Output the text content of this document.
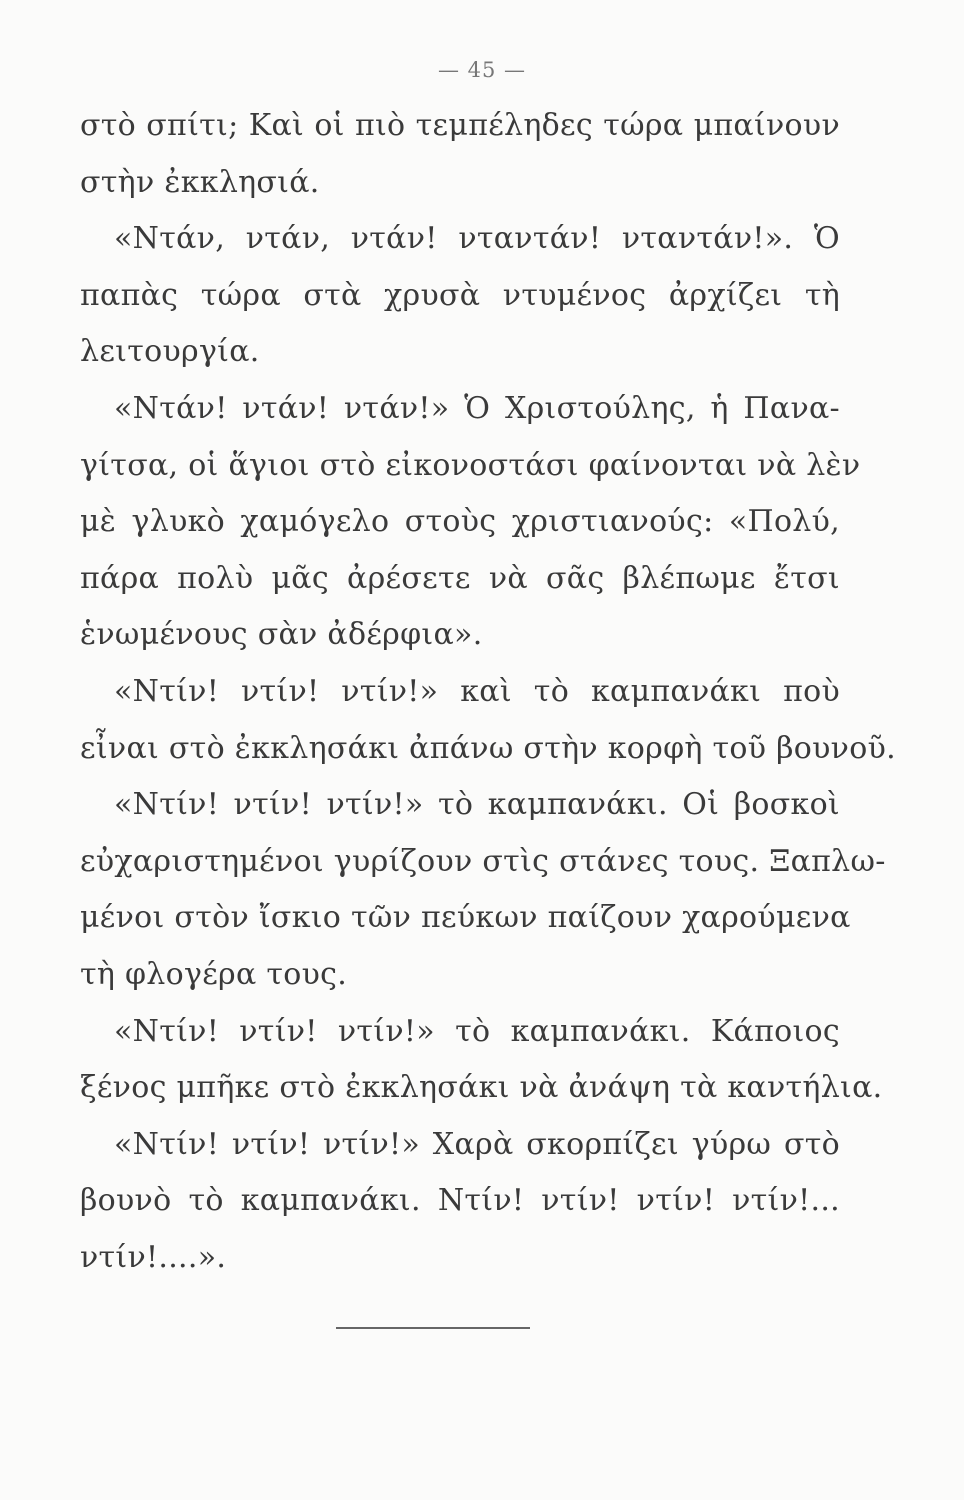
— 45 —
στὸ σπίτι; Καὶ οἱ πιὸ τεμπέληδες τώρα μπαίνουν
στὴν ἐκκλησιά.
«Ντάν, ντάν, ντάν! νταντάν! νταντάν!». Ὁ
παπὰς τώρα στὰ χρυσὰ ντυμένος ἀρχίζει τὴ
λειτουργία.
«Ντάν! ντάν! ντάν!» Ὁ Χριστούλης, ἡ Πανα-
γίτσα, οἱ ἅγιοι στὸ εἰκονοστάσι φαίνονται νὰ λὲν
μὲ γλυκὸ χαμόγελο στοὺς χριστιανούς: «Πολύ,
πάρα πολὺ μᾶς ἀρέσετε νὰ σᾶς βλέπωμε ἔτσι
ἑνωμένους σὰν ἀδέρφια».
«Ντίν! ντίν! ντίν!» καὶ τὸ καμπανάκι ποὺ
εἶναι στὸ ἐκκλησάκι ἀπάνω στὴν κορφὴ τοῦ βουνοῦ.
«Ντίν! ντίν! ντίν!» τὸ καμπανάκι. Οἱ βοσκοὶ
εὐχαριστημένοι γυρίζουν στὶς στάνες τους. Ξαπλω-
μένοι στὸν ἴσκιο τῶν πεύκων παίζουν χαρούμενα
τὴ φλογέρα τους.
«Ντίν! ντίν! ντίν!» τὸ καμπανάκι. Κάποιος
ξένος μπῆκε στὸ ἐκκλησάκι νὰ ἀνάψη τὰ καντήλια.
«Ντίν! ντίν! ντίν!» Χαρὰ σκορπίζει γύρω στὸ
βουνὸ τὸ καμπανάκι. Ντίν! ντίν! ντίν! ντίν!...
ντίν!....».
